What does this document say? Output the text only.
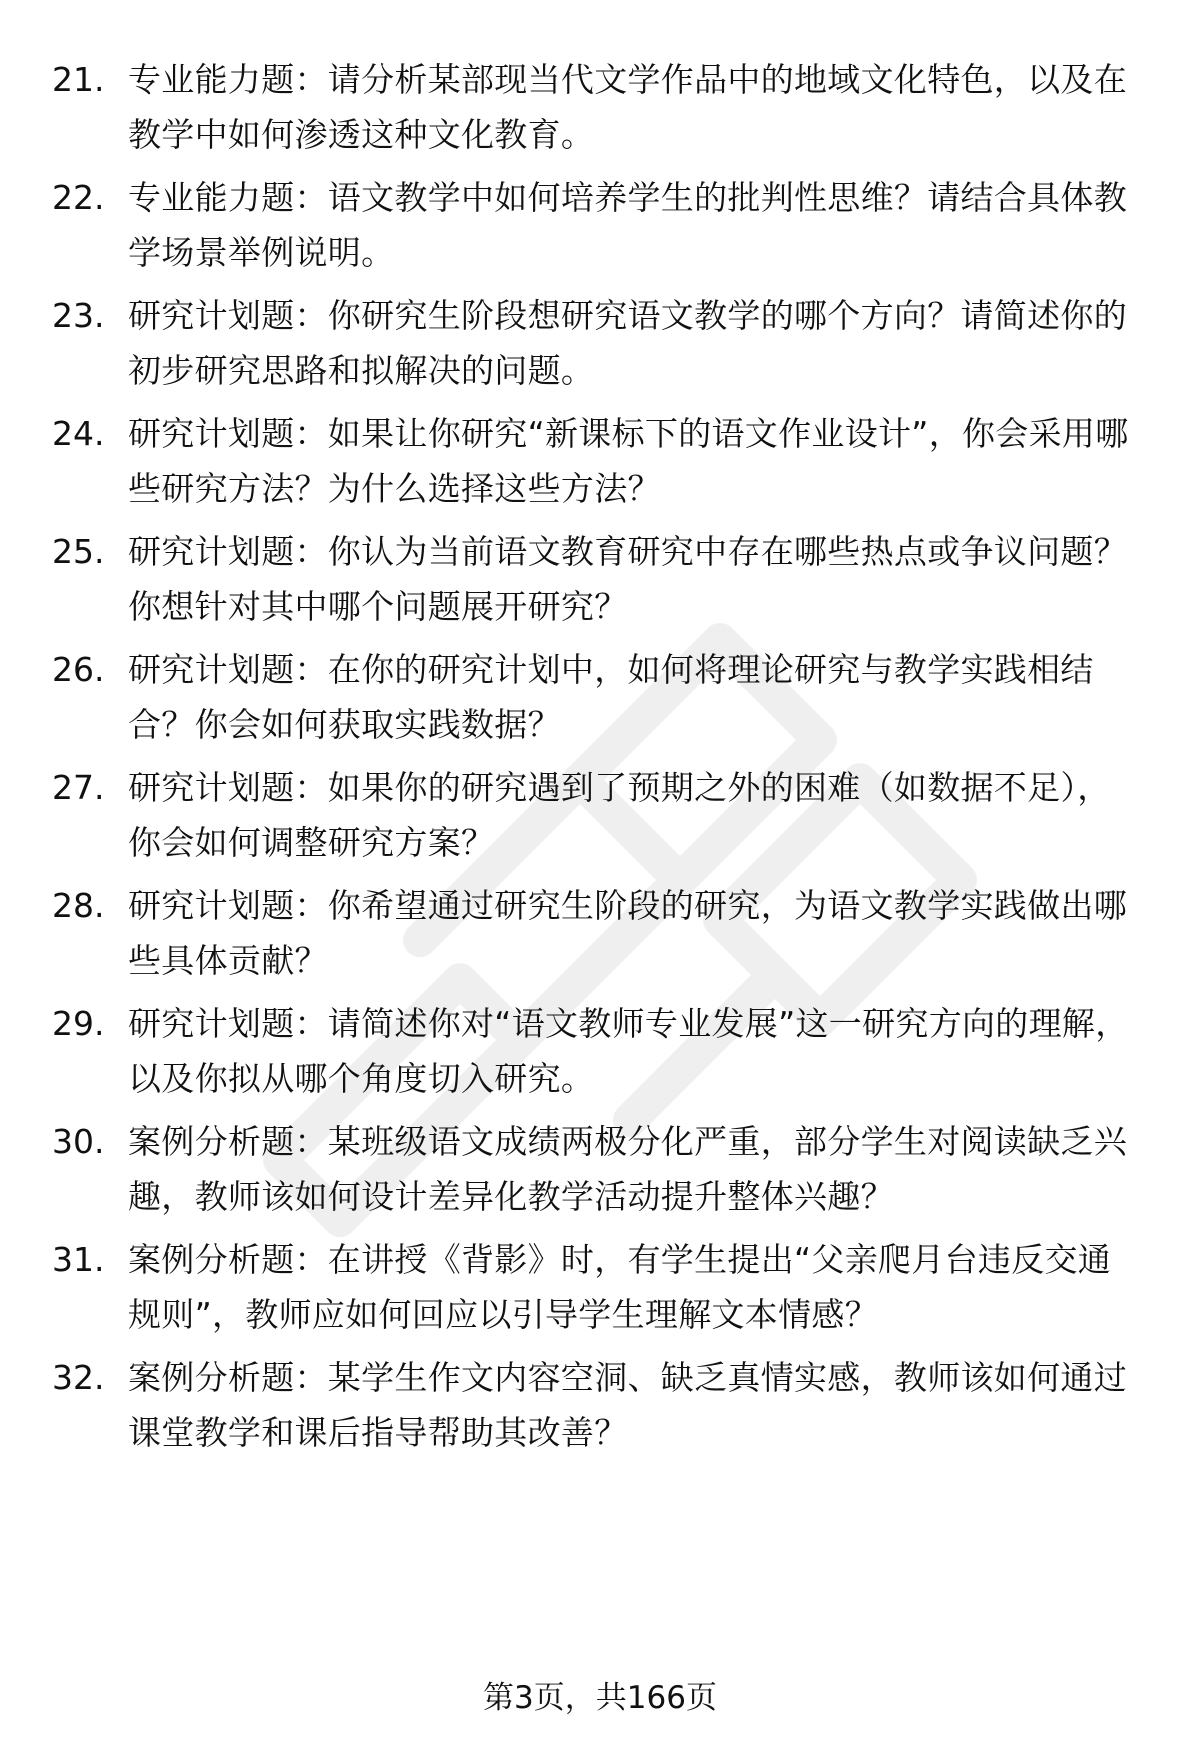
21. 专业能力题：请分析某部现当代文学作品中的地域文化特色，以及在教学中如何渗透这种文化教育。
22. 专业能力题：语文教学中如何培养学生的批判性思维？请结合具体教学场景举例说明。
23. 研究计划题：你研究生阶段想研究语文教学的哪个方向？请简述你的初步研究思路和拟解决的问题。
24. 研究计划题：如果让你研究“新课标下的语文作业设计”，你会采用哪些研究方法？为什么选择这些方法？
25. 研究计划题：你认为当前语文教育研究中存在哪些热点或争议问题？你想针对其中哪个问题展开研究？
26. 研究计划题：在你的研究计划中，如何将理论研究与教学实践相结合？你会如何获取实践数据？
27. 研究计划题：如果你的研究遇到了预期之外的困难（如数据不足），你会如何调整研究方案？
28. 研究计划题：你希望通过研究生阶段的研究，为语文教学实践做出哪些具体贡献？
29. 研究计划题：请简述你对“语文教师专业发展”这一研究方向的理解，以及你拟从哪个角度切入研究。
30. 案例分析题：某班级语文成绩两极分化严重，部分学生对阅读缺乏兴趣，教师该如何设计差异化教学活动提升整体兴趣？
31. 案例分析题：在讲授《背影》时，有学生提出“父亲爬月台违反交通规则”，教师应如何回应以引导学生理解文本情感？
32. 案例分析题：某学生作文内容空洞、缺乏真情实感，教师该如何通过课堂教学和课后指导帮助其改善？
第3页，共166页
